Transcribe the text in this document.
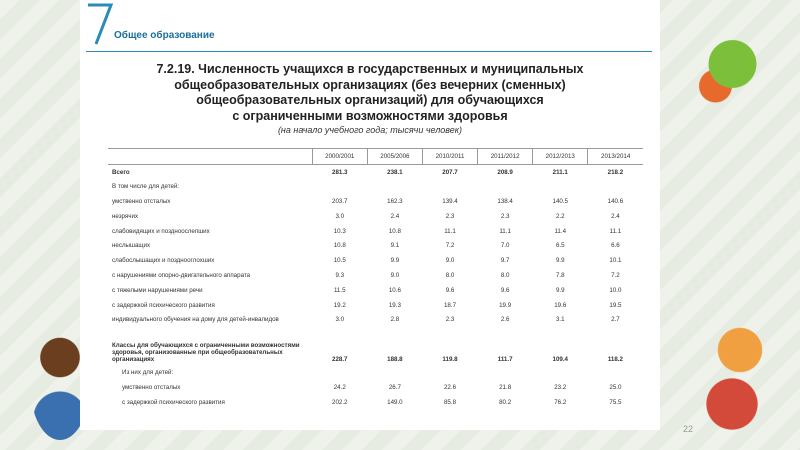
Общее образование
7.2.19. Численность учащихся в государственных и муниципальных
общеобразовательных организациях (без вечерних (сменных)
общеобразовательных организаций) для обучающихся
с ограниченными возможностями здоровья
(на начало учебного года; тысячи человек)
	2000/2001	2005/2006	2010/2011	2011/2012	2012/2013	2013/2014
Всего	281.3	238.1	207.7	208.9	211.1	218.2
В том числе для детей:						
умственно отсталых	203.7	162.3	139.4	138.4	140.5	140.6
незрячих	3.0	2.4	2.3	2.3	2.2	2.4
слабовидящих и поздноослепших	10.3	10.8	11.1	11.1	11.4	11.1
неслышащих	10.8	9.1	7.2	7.0	6.5	6.6
слабослышащих и позднооглохших	10.5	9.9	9.0	9.7	9.9	10.1
с нарушениями опорно-двигательного аппарата	9.3	9.0	8.0	8.0	7.8	7.2
с тяжелыми нарушениями речи	11.5	10.6	9.6	9.6	9.9	10.0
с задержкой психического развития	19.2	19.3	18.7	19.9	19.6	19.5
индивидуального обучения на дому для детей-инвалидов	3.0	2.8	2.3	2.6	3.1	2.7
Классы для обучающихся с ограниченными возможностями здоровья, организованные при общеобразовательных организациях	228.7	188.8	119.8	111.7	109.4	118.2
Из них для детей:						
умственно отсталых	24.2	26.7	22.6	21.8	23.2	25.0
с задержкой психического развития	202.2	149.0	85.8	80.2	76.2	75.5
22
